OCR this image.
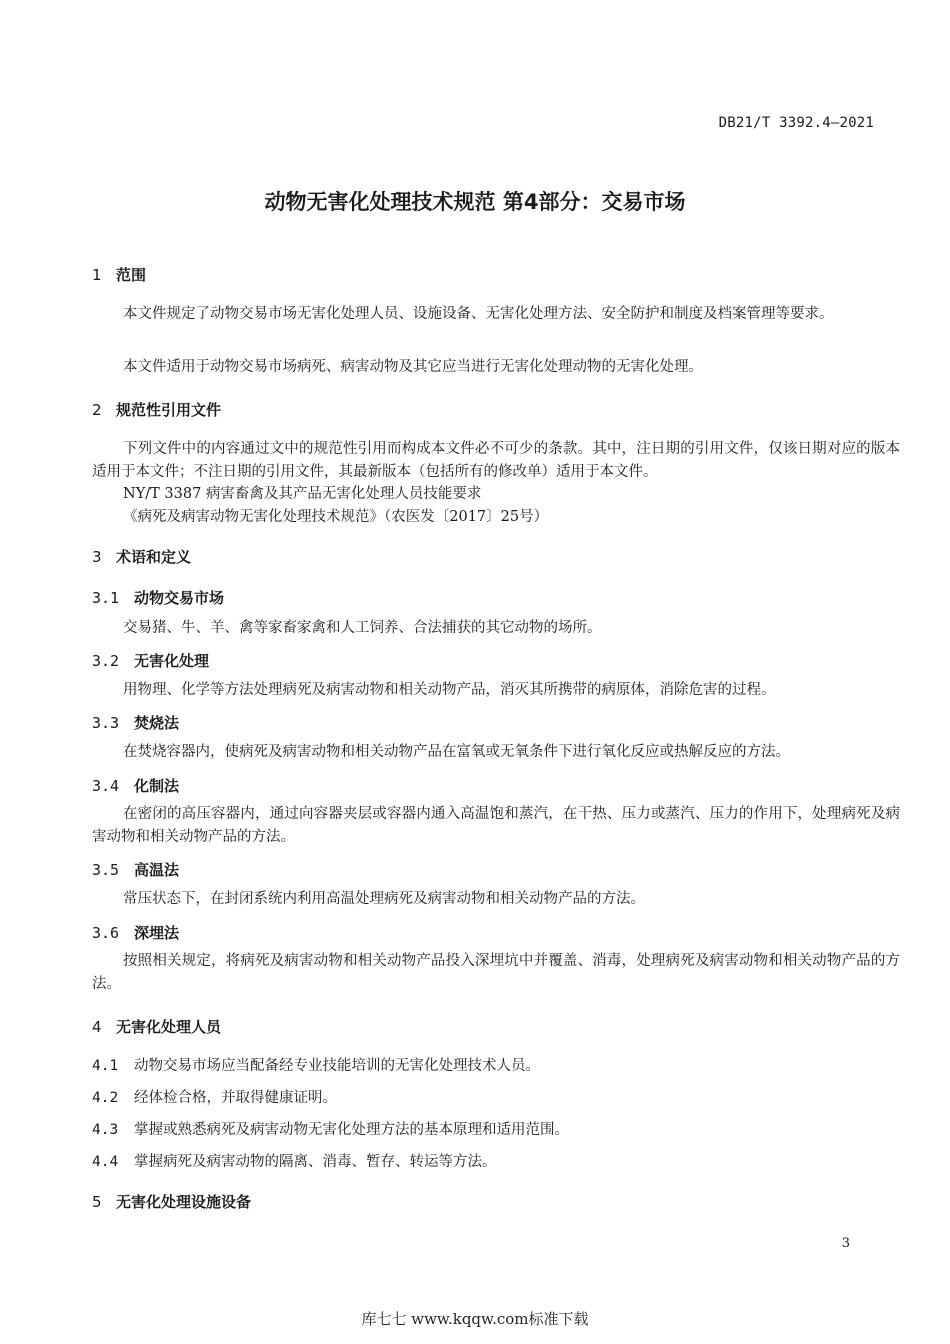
DB21/T 3392.4—2021
动物无害化处理技术规范 第4部分：交易市场
1 范围
本文件规定了动物交易市场无害化处理人员、设施设备、无害化处理方法、安全防护和制度及档案管理等要求。
本文件适用于动物交易市场病死、病害动物及其它应当进行无害化处理动物的无害化处理。
2 规范性引用文件
下列文件中的内容通过文中的规范性引用而构成本文件必不可少的条款。其中，注日期的引用文件，仅该日期对应的版本适用于本文件；不注日期的引用文件，其最新版本（包括所有的修改单）适用于本文件。
NY/T 3387 病害畜禽及其产品无害化处理人员技能要求
《病死及病害动物无害化处理技术规范》（农医发〔2017〕25号）
3 术语和定义
3.1 动物交易市场
交易猪、牛、羊、禽等家畜家禽和人工饲养、合法捕获的其它动物的场所。
3.2 无害化处理
用物理、化学等方法处理病死及病害动物和相关动物产品，消灭其所携带的病原体，消除危害的过程。
3.3 焚烧法
在焚烧容器内，使病死及病害动物和相关动物产品在富氧或无氧条件下进行氧化反应或热解反应的方法。
3.4 化制法
在密闭的高压容器内，通过向容器夹层或容器内通入高温饱和蒸汽，在干热、压力或蒸汽、压力的作用下，处理病死及病害动物和相关动物产品的方法。
3.5 高温法
常压状态下，在封闭系统内利用高温处理病死及病害动物和相关动物产品的方法。
3.6 深埋法
按照相关规定，将病死及病害动物和相关动物产品投入深埋坑中并覆盖、消毒，处理病死及病害动物和相关动物产品的方法。
4 无害化处理人员
4.1 动物交易市场应当配备经专业技能培训的无害化处理技术人员。
4.2 经体检合格，并取得健康证明。
4.3 掌握或熟悉病死及病害动物无害化处理方法的基本原理和适用范围。
4.4 掌握病死及病害动物的隔离、消毒、暂存、转运等方法。
5 无害化处理设施设备
3
库七七 www.kqqw.com标准下载
